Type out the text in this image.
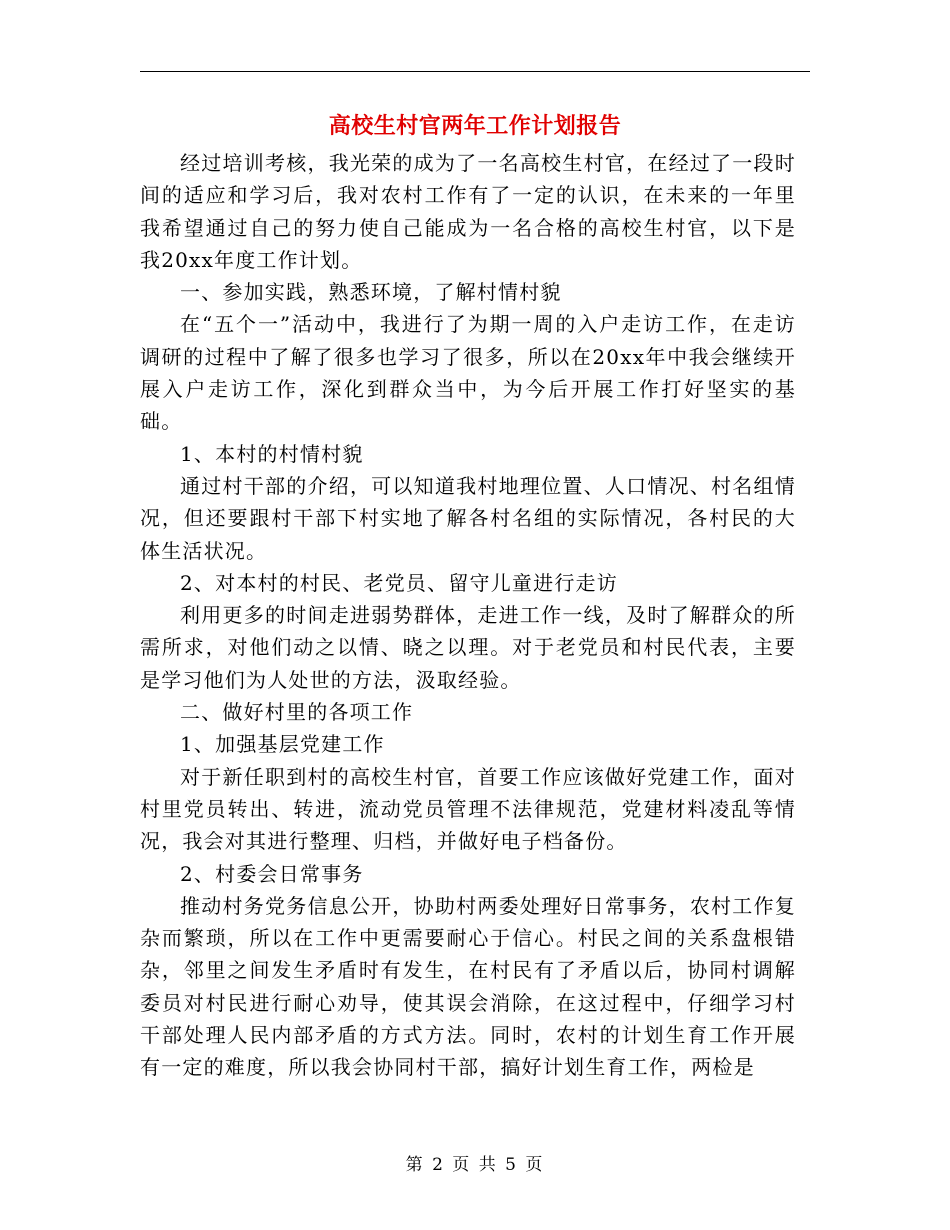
高校生村官两年工作计划报告

经过培训考核，我光荣的成为了一名高校生村官，在经过了一段时间的适应和学习后，我对农村工作有了一定的认识，在未来的一年里我希望通过自己的努力使自己能成为一名合格的高校生村官，以下是我20xx年度工作计划。

一、参加实践，熟悉环境，了解村情村貌

在“五个一”活动中，我进行了为期一周的入户走访工作，在走访调研的过程中了解了很多也学习了很多，所以在20xx年中我会继续开展入户走访工作，深化到群众当中，为今后开展工作打好坚实的基础。

1、本村的村情村貌

通过村干部的介绍，可以知道我村地理位置、人口情况、村名组情况，但还要跟村干部下村实地了解各村名组的实际情况，各村民的大体生活状况。

2、对本村的村民、老党员、留守儿童进行走访

利用更多的时间走进弱势群体，走进工作一线，及时了解群众的所需所求，对他们动之以情、晓之以理。对于老党员和村民代表，主要是学习他们为人处世的方法，汲取经验。

二、做好村里的各项工作

1、加强基层党建工作

对于新任职到村的高校生村官，首要工作应该做好党建工作，面对村里党员转出、转进，流动党员管理不法律规范，党建材料凌乱等情况，我会对其进行整理、归档，并做好电子档备份。

2、村委会日常事务

推动村务党务信息公开，协助村两委处理好日常事务，农村工作复杂而繁琐，所以在工作中更需要耐心于信心。村民之间的关系盘根错杂，邻里之间发生矛盾时有发生，在村民有了矛盾以后，协同村调解委员对村民进行耐心劝导，使其误会消除，在这过程中，仔细学习村干部处理人民内部矛盾的方式方法。同时，农村的计划生育工作开展有一定的难度，所以我会协同村干部，搞好计划生育工作，两检是

第 2 页 共 5 页
